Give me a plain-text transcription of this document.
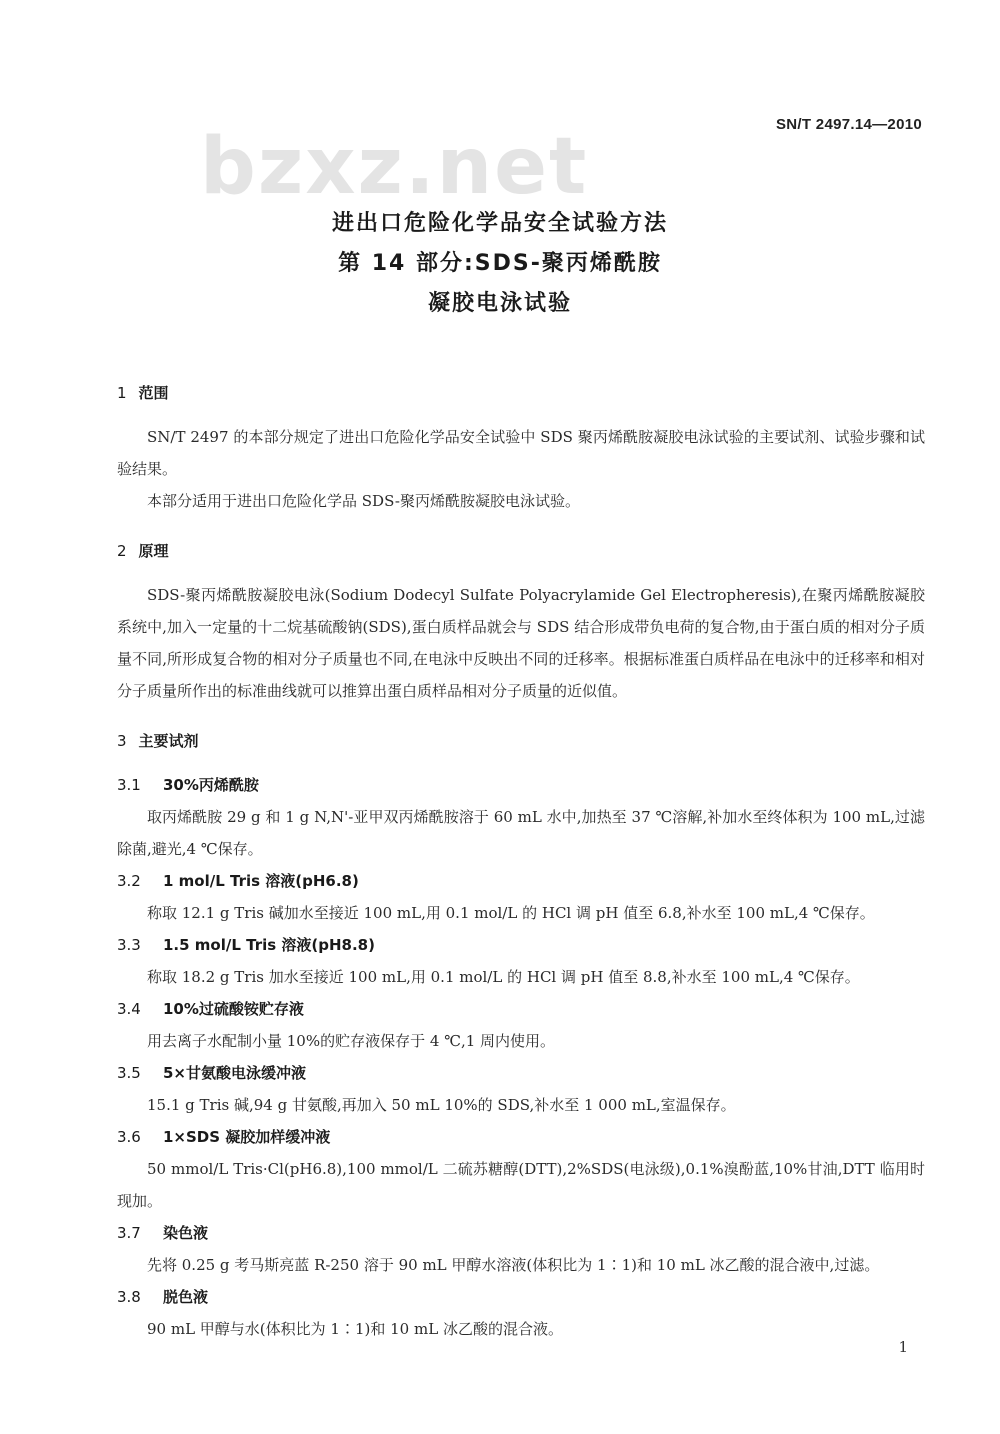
SN/T 2497.14—2010
bzxz.net
进出口危险化学品安全试验方法
第 14 部分:SDS-聚丙烯酰胺
凝胶电泳试验
1 范围

SN/T 2497 的本部分规定了进出口危险化学品安全试验中 SDS 聚丙烯酰胺凝胶电泳试验的主要试剂、试验步骤和试验结果。

本部分适用于进出口危险化学品 SDS-聚丙烯酰胺凝胶电泳试验。

2 原理

SDS-聚丙烯酰胺凝胶电泳(Sodium Dodecyl Sulfate Polyacrylamide Gel Electropheresis),在聚丙烯酰胺凝胶系统中,加入一定量的十二烷基硫酸钠(SDS),蛋白质样品就会与 SDS 结合形成带负电荷的复合物,由于蛋白质的相对分子质量不同,所形成复合物的相对分子质量也不同,在电泳中反映出不同的迁移率。根据标准蛋白质样品在电泳中的迁移率和相对分子质量所作出的标准曲线就可以推算出蛋白质样品相对分子质量的近似值。

3 主要试剂
3.1 30%丙烯酰胺

取丙烯酰胺 29 g 和 1 g N,N'-亚甲双丙烯酰胺溶于 60 mL 水中,加热至 37 ℃溶解,补加水至终体积为 100 mL,过滤除菌,避光,4 ℃保存。

3.2 1 mol/L Tris 溶液(pH6.8)

称取 12.1 g Tris 碱加水至接近 100 mL,用 0.1 mol/L 的 HCl 调 pH 值至 6.8,补水至 100 mL,4 ℃保存。

3.3 1.5 mol/L Tris 溶液(pH8.8)

称取 18.2 g Tris 加水至接近 100 mL,用 0.1 mol/L 的 HCl 调 pH 值至 8.8,补水至 100 mL,4 ℃保存。

3.4 10%过硫酸铵贮存液

用去离子水配制小量 10%的贮存液保存于 4 ℃,1 周内使用。

3.5 5×甘氨酸电泳缓冲液

15.1 g Tris 碱,94 g 甘氨酸,再加入 50 mL 10%的 SDS,补水至 1 000 mL,室温保存。

3.6 1×SDS 凝胶加样缓冲液

50 mmol/L Tris·Cl(pH6.8),100 mmol/L 二硫苏糖醇(DTT),2%SDS(电泳级),0.1%溴酚蓝,10%甘油,DTT 临用时现加。

3.7 染色液

先将 0.25 g 考马斯亮蓝 R-250 溶于 90 mL 甲醇水溶液(体积比为 1∶1)和 10 mL 冰乙酸的混合液中,过滤。

3.8 脱色液

90 mL 甲醇与水(体积比为 1∶1)和 10 mL 冰乙酸的混合液。

1
